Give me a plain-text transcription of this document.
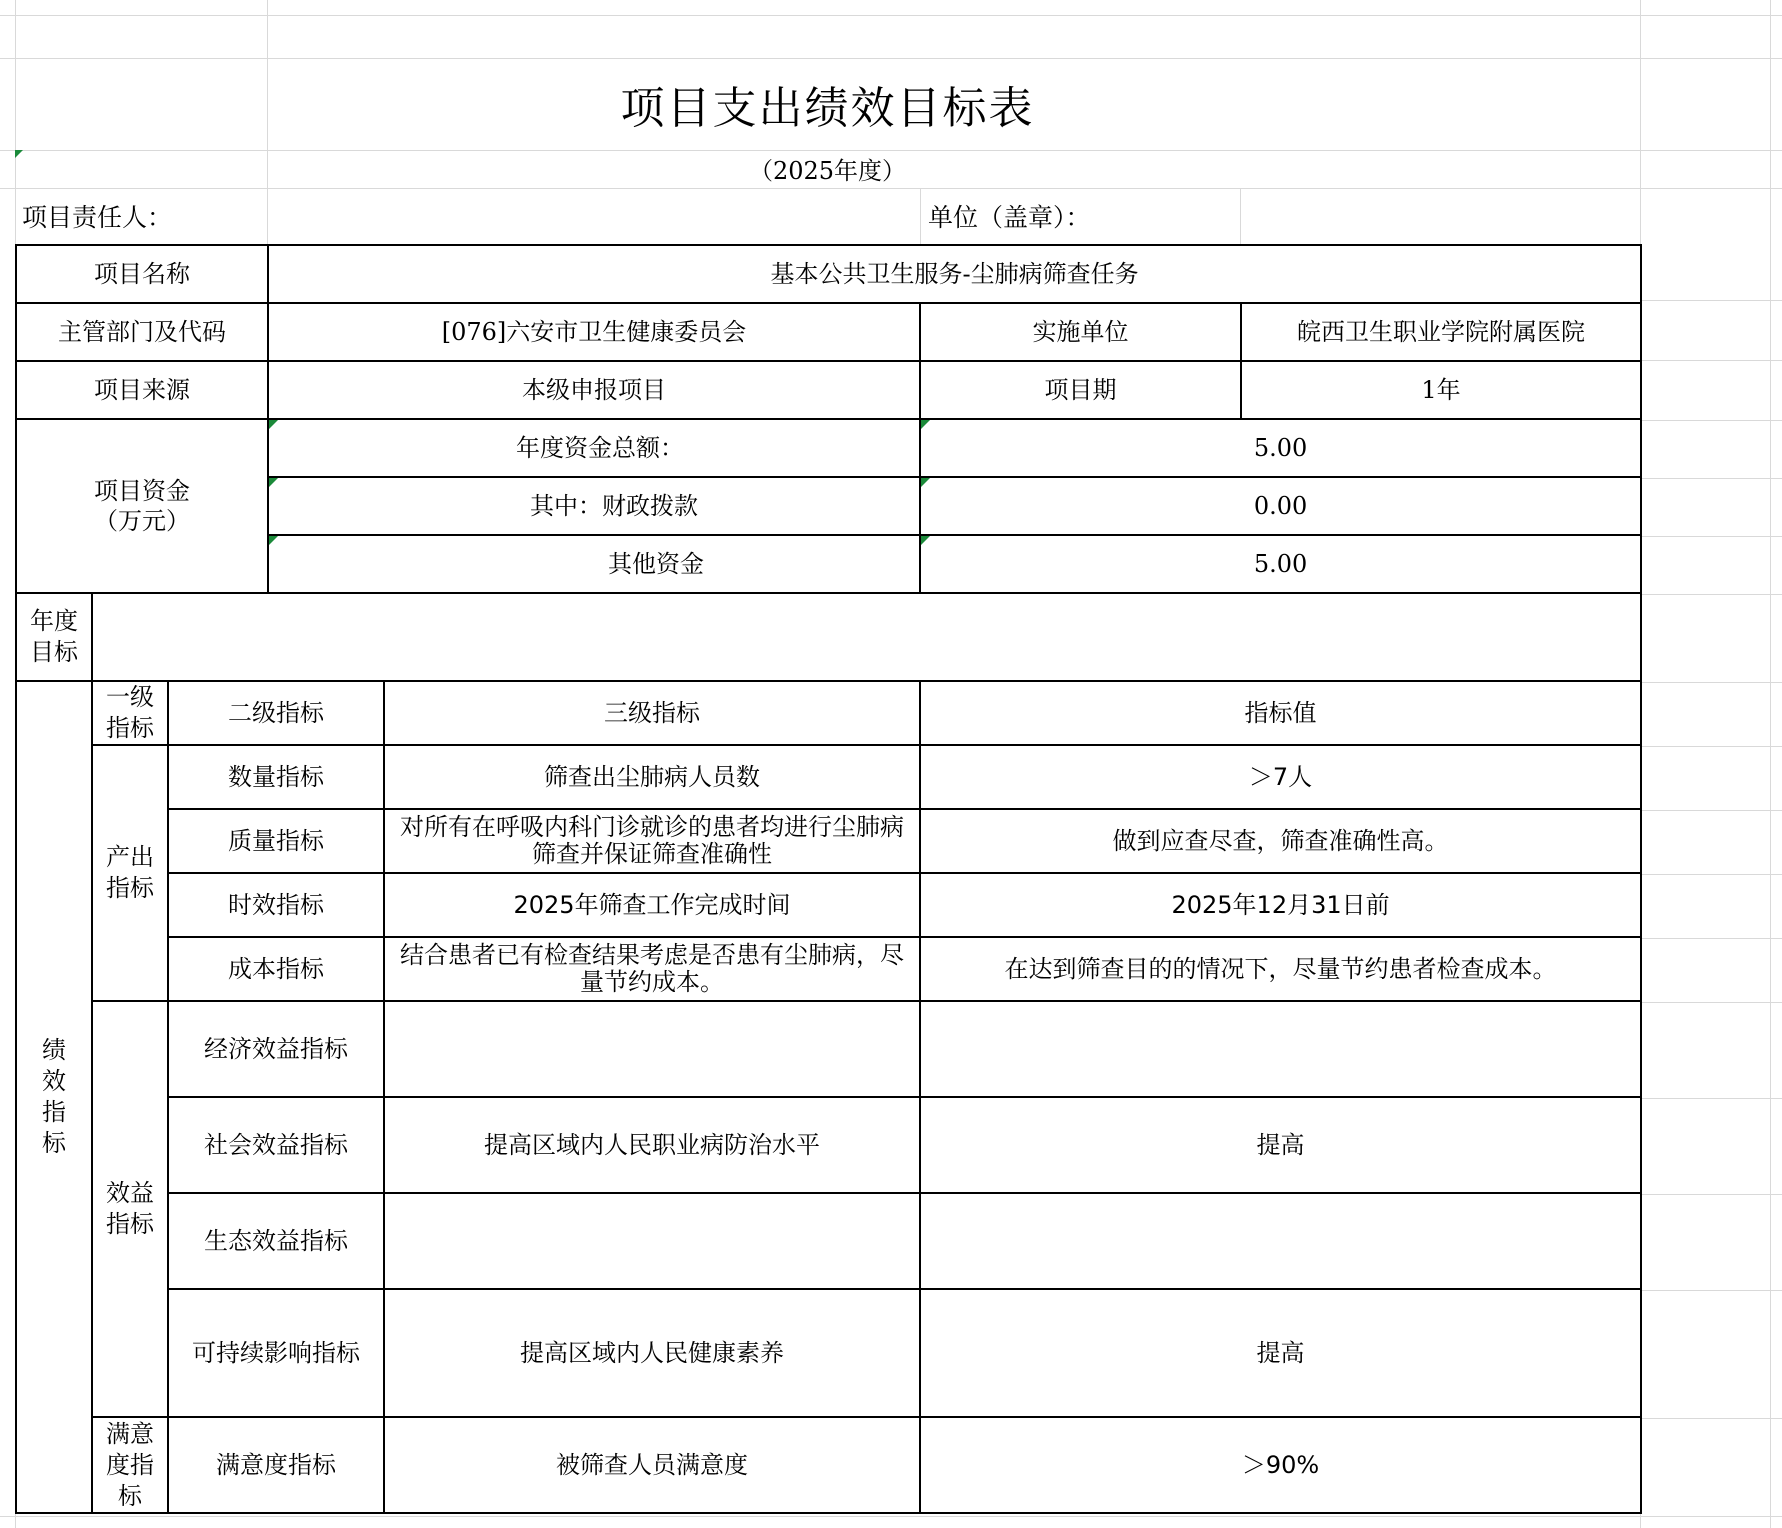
项目支出绩效目标表
（2025年度）
项目责任人：	单位（盖章）：
项目名称			基本公共卫生服务-尘肺病筛查任务			
主管部门及代码			[076]六安市卫生健康委员会		实施单位	皖西卫生职业学院附属医院
项目来源			本级申报项目		项目期	1年

项目资金
（万元）			年度资金总额：		5.00	
			其中：财政拨款		0.00	
			其他资金		5.00	
年度目标						
绩效指标	一级指标	二级指标		三级指标	指标值	
	产出指标	数量指标		筛查出尘肺病人员数	＞7人	
		质量指标		对所有在呼吸内科门诊就诊的患者均进行尘肺病筛查并保证筛查准确性	做到应查尽查，筛查准确性高。	
		时效指标		2025年筛查工作完成时间	2025年12月31日前	
		成本指标		结合患者已有检查结果考虑是否患有尘肺病，尽量节约成本。	在达到筛查目的的情况下，尽量节约患者检查成本。	
	效益指标	经济效益指标				
		社会效益指标		提高区域内人民职业病防治水平	提高	
		生态效益指标				
		可持续影响指标		提高区域内人民健康素养	提高	
	满意度指标	满意度指标		被筛查人员满意度	＞90%	
